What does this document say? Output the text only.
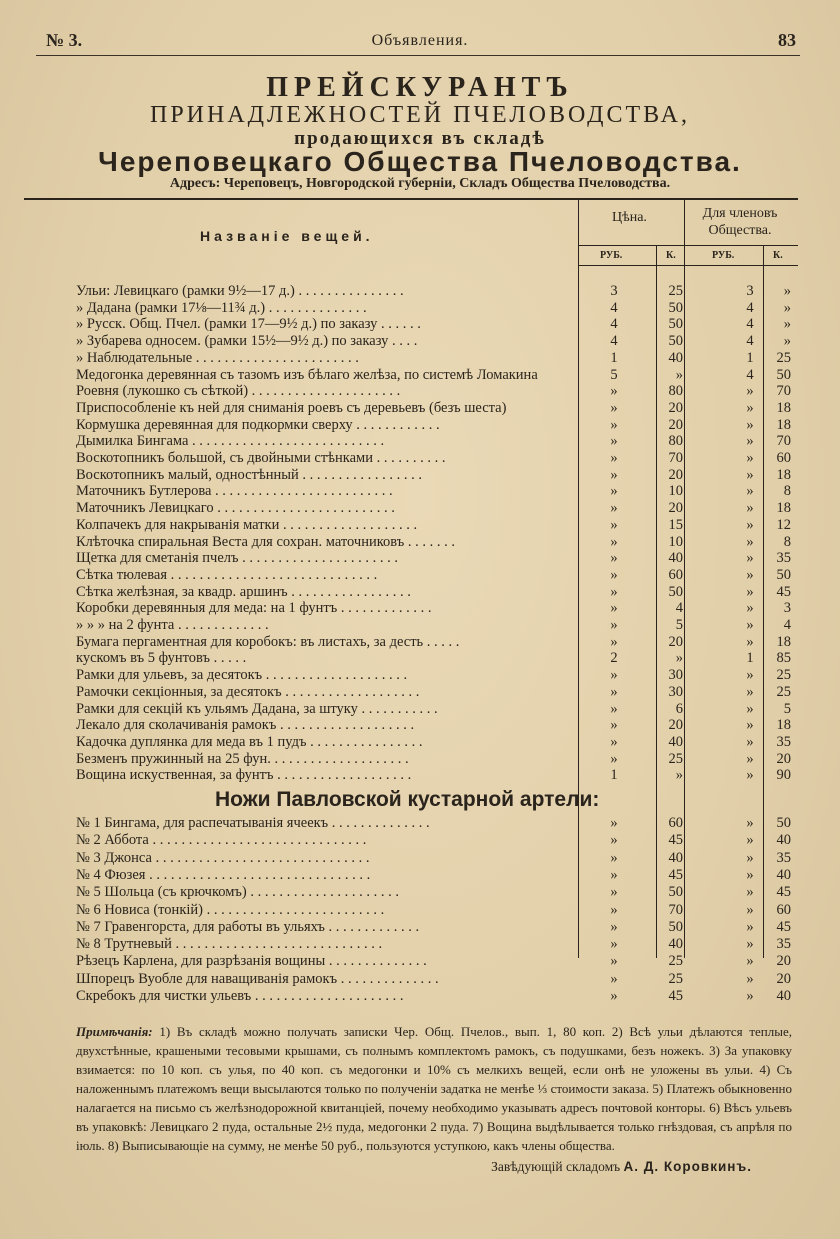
№ 3.	Объявления.	83
ПРЕЙСКУРАНТЪ
ПРИНАДЛЕЖНОСТЕЙ ПЧЕЛОВОДСТВА,
продающихся въ складѣ
Череповецкаго Общества Пчеловодства.
Адресъ: Череповецъ, Новгородской губерніи, Складъ Общества Пчеловодства.
Названіе вещей.
Цѣна.	Для членовъ Общества.
РУБ.	К.	РУБ.	К.
Ульи: Левицкаго (рамки 9½—17 д.) . . . . . . . . . . . . . . .	3	25	3	»
» Дадана (рамки 17⅛—11¾ д.) . . . . . . . . . . . . . .	4	50	4	»
» Русск. Общ. Пчел. (рамки 17—9½ д.) по заказу . . . . . .	4	50	4	»
» Зубарева односем. (рамки 15½—9½ д.) по заказу . . . .	4	50	4	»
» Наблюдательные . . . . . . . . . . . . . . . . . . . . . . .	1	40	1	25
Медогонка деревянная съ тазомъ изъ бѣлаго желѣза, по системѣ Ломакина	5	»	4	50
Роевня (лукошко съ сѣткой) . . . . . . . . . . . . . . . . . . . . .	»	80	»	70
Приспособленіе къ ней для сниманія роевъ съ деревьевъ (безъ шеста)	»	20	»	18
Кормушка деревянная для подкормки сверху . . . . . . . . . . . .	»	20	»	18
Дымилка Бингама . . . . . . . . . . . . . . . . . . . . . . . . . . .	»	80	»	70
Воскотопникъ большой, съ двойными стѣнками . . . . . . . . . .	»	70	»	60
Воскотопникъ малый, одностѣнный . . . . . . . . . . . . . . . . .	»	20	»	18
Маточникъ Бутлерова . . . . . . . . . . . . . . . . . . . . . . . . .	»	10	»	8
Маточникъ Левицкаго . . . . . . . . . . . . . . . . . . . . . . . . .	»	20	»	18
Колпачекъ для накрыванія матки . . . . . . . . . . . . . . . . . . .	»	15	»	12
Клѣточка спиральная Веста для сохран. маточниковъ . . . . . . .	»	10	»	8
Щетка для сметанія пчелъ . . . . . . . . . . . . . . . . . . . . . .	»	40	»	35
Сѣтка тюлевая . . . . . . . . . . . . . . . . . . . . . . . . . . . . .	»	60	»	50
Сѣтка желѣзная, за квадр. аршинъ . . . . . . . . . . . . . . . . .	»	50	»	45
Коробки деревянныя для меда: на 1 фунтъ . . . . . . . . . . . . .	»	4	»	3
» » » на 2 фунта . . . . . . . . . . . . .	»	5	»	4
Бумага пергаментная для коробокъ: въ листахъ, за десть . . . . .	»	20	»	18
кускомъ въ 5 фунтовъ . . . . .	2	»	1	85
Рамки для ульевъ, за десятокъ . . . . . . . . . . . . . . . . . . . .	»	30	»	25
Рамочки секціонныя, за десятокъ . . . . . . . . . . . . . . . . . . .	»	30	»	25
Рамки для секцій къ ульямъ Дадана, за штуку . . . . . . . . . . .	»	6	»	5
Лекало для сколачиванія рамокъ . . . . . . . . . . . . . . . . . . .	»	20	»	18
Кадочка дуплянка для меда въ 1 пудъ . . . . . . . . . . . . . . . .	»	40	»	35
Безменъ пружинный на 25 фун. . . . . . . . . . . . . . . . . . . .	»	25	»	20
Вощина искуственная, за фунтъ . . . . . . . . . . . . . . . . . . .	1	»	»	90
Ножи Павловской кустарной артели:
№ 1 Бингама, для распечатыванія ячеекъ . . . . . . . . . . . . . .	»	60	»	50
№ 2 Аббота . . . . . . . . . . . . . . . . . . . . . . . . . . . . . .	»	45	»	40
№ 3 Джонса . . . . . . . . . . . . . . . . . . . . . . . . . . . . . .	»	40	»	35
№ 4 Фюзея . . . . . . . . . . . . . . . . . . . . . . . . . . . . . . .	»	45	»	40
№ 5 Шольца (съ крючкомъ) . . . . . . . . . . . . . . . . . . . . .	»	50	»	45
№ 6 Новиса (тонкій) . . . . . . . . . . . . . . . . . . . . . . . . .	»	70	»	60
№ 7 Гравенгорста, для работы въ ульяхъ . . . . . . . . . . . . .	»	50	»	45
№ 8 Трутневый . . . . . . . . . . . . . . . . . . . . . . . . . . . . .	»	40	»	35
Рѣзецъ Карлена, для разрѣзанія вощины . . . . . . . . . . . . . .	»	25	»	20
Шпорецъ Вуоблe для наващиванія рамокъ . . . . . . . . . . . . . .	»	25	»	20
Скребокъ для чистки ульевъ . . . . . . . . . . . . . . . . . . . . .	»	45	»	40
Примѣчанія: 1) Въ складѣ можно получать записки Чер. Общ. Пчелов., вып. 1, 80 коп. 2) Всѣ ульи дѣлаются теплые, двухстѣнные, крашеными тесовыми крышами, съ полнымъ комплектомъ рамокъ, съ подушками, безъ ножекъ. 3) За упаковку взимается: по 10 коп. съ улья, по 40 коп. съ медогонки и 10% съ мелкихъ вещей, если онѣ не уложены въ ульи. 4) Съ наложеннымъ платежомъ вещи высылаются только по полученіи задатка не менѣе ⅓ стоимости заказа. 5) Платежъ обыкновенно налагается на письмо съ желѣзнодорожной квитанціей, почему необходимо указывать адресъ почтовой конторы. 6) Вѣсъ ульевъ въ упаковкѣ: Левицкаго 2 пуда, остальные 2½ пуда, медогонки 2 пуда. 7) Вощина выдѣлывается только гнѣздовая, съ апрѣля по іюль. 8) Выписывающіе на сумму, не менѣе 50 руб., пользуются уступкою, какъ члены общества.
Завѣдующій складомъ А. Д. Коровкинъ.
